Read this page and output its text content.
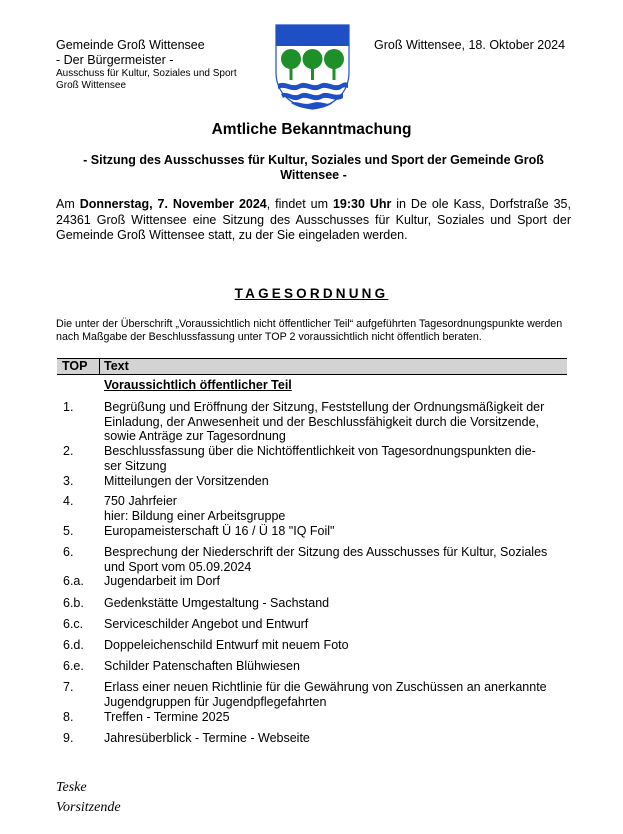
Gemeinde Groß Wittensee
- Der Bürgermeister -
Ausschuss für Kultur, Soziales und Sport
Groß Wittensee
Groß Wittensee, 18. Oktober 2024
Amtliche Bekanntmachung
- Sitzung des Ausschusses für Kultur, Soziales und Sport der Gemeinde Groß Wittensee -
Am Donnerstag, 7. November 2024, findet um 19:30 Uhr in De ole Kass, Dorfstraße 35, 24361 Groß Wittensee eine Sitzung des Ausschusses für Kultur, Soziales und Sport der Gemeinde Groß Wittensee statt, zu der Sie eingeladen werden.
TAGESORDNUNG
Die unter der Überschrift „Voraussichtlich nicht öffentlicher Teil“ aufgeführten Tagesordnungspunkte werden nach Maßgabe der Beschlussfassung unter TOP 2 voraussichtlich nicht öffentlich beraten.
TOP Text
Voraussichtlich öffentlicher Teil
1. Begrüßung und Eröffnung der Sitzung, Feststellung der Ordnungsmäßigkeit der Einladung, der Anwesenheit und der Beschlussfähigkeit durch die Vorsitzende, sowie Anträge zur Tagesordnung
2. Beschlussfassung über die Nichtöffentlichkeit von Tagesordnungspunkten die-
ser Sitzung
3. Mitteilungen der Vorsitzenden
4. 750 Jahrfeier
hier: Bildung einer Arbeitsgruppe
5. Europameisterschaft Ü 16 / Ü 18 "IQ Foil"
6. Besprechung der Niederschrift der Sitzung des Ausschusses für Kultur, Soziales und Sport vom 05.09.2024
6.a. Jugendarbeit im Dorf
6.b. Gedenkstätte Umgestaltung - Sachstand
6.c. Serviceschilder Angebot und Entwurf
6.d. Doppeleichenschild Entwurf mit neuem Foto
6.e. Schilder Patenschaften Blühwiesen
7. Erlass einer neuen Richtlinie für die Gewährung von Zuschüssen an anerkannte Jugendgruppen für Jugendpflegefahrten
8. Treffen - Termine 2025
9. Jahresüberblick - Termine - Webseite
Teske
Vorsitzende
